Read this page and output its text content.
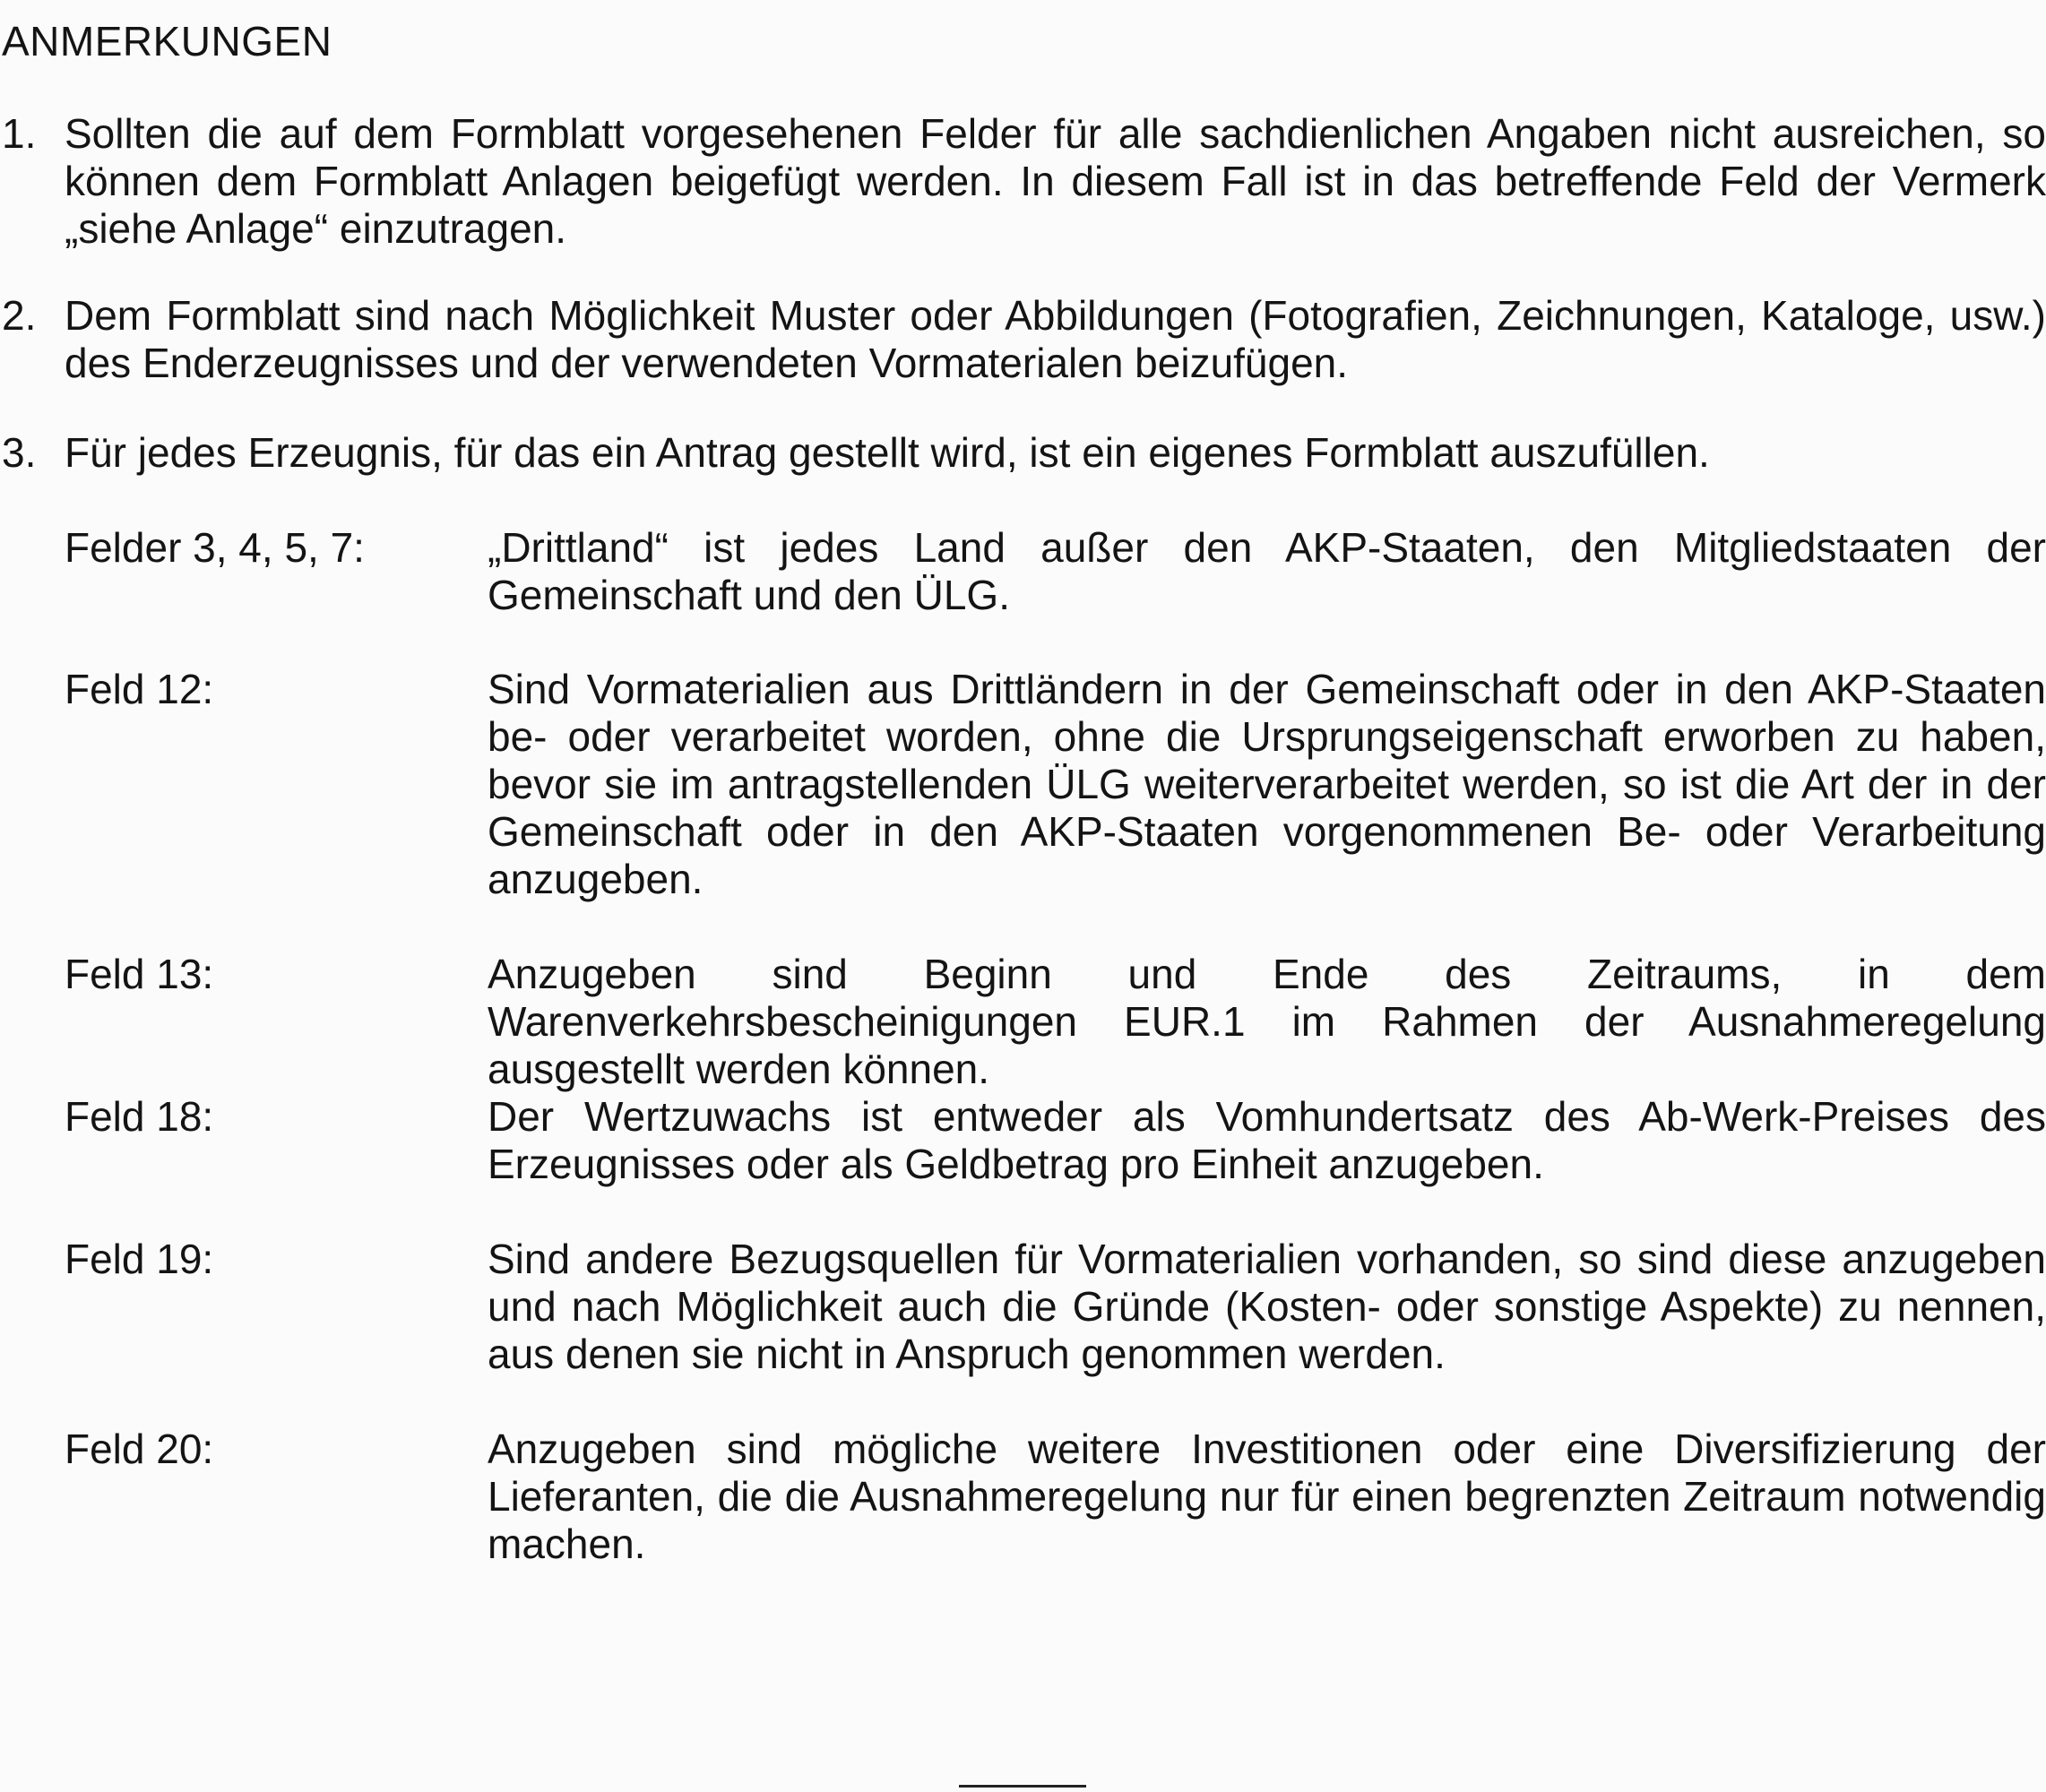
ANMERKUNGEN
1. Sollten die auf dem Formblatt vorgesehenen Felder für alle sachdienlichen Angaben nicht ausreichen, so können dem Formblatt Anlagen beigefügt werden. In diesem Fall ist in das betreffende Feld der Vermerk „siehe Anlage“ einzutragen.
2. Dem Formblatt sind nach Möglichkeit Muster oder Abbildungen (Fotografien, Zeichnungen, Kataloge, usw.) des Enderzeugnisses und der verwendeten Vormaterialen beizufügen.
3. Für jedes Erzeugnis, für das ein Antrag gestellt wird, ist ein eigenes Formblatt auszufüllen.
Felder 3, 4, 5, 7:	„Drittland“ ist jedes Land außer den AKP-Staaten, den Mitgliedstaaten der Gemeinschaft und den ÜLG.
Feld 12:	Sind Vormaterialien aus Drittländern in der Gemeinschaft oder in den AKP-Staaten be- oder verarbeitet worden, ohne die Ursprungseigenschaft erworben zu haben, bevor sie im antragstellenden ÜLG weiterverarbeitet werden, so ist die Art der in der Gemeinschaft oder in den AKP-Staaten vorgenommenen Be- oder Verarbeitung anzugeben.
Feld 13:	Anzugeben sind Beginn und Ende des Zeitraums, in dem Warenverkehrsbescheinigungen EUR.1 im Rahmen der Ausnahmeregelung ausgestellt werden können.
Feld 18:	Der Wertzuwachs ist entweder als Vomhundertsatz des Ab-Werk-Preises des Erzeugnisses oder als Geldbetrag pro Einheit anzugeben.
Feld 19:	Sind andere Bezugsquellen für Vormaterialien vorhanden, so sind diese anzugeben und nach Möglichkeit auch die Gründe (Kosten- oder sonstige Aspekte) zu nennen, aus denen sie nicht in Anspruch genommen werden.
Feld 20:	Anzugeben sind mögliche weitere Investitionen oder eine Diversifizierung der Lieferanten, die die Ausnahmeregelung nur für einen begrenzten Zeitraum notwendig machen.
